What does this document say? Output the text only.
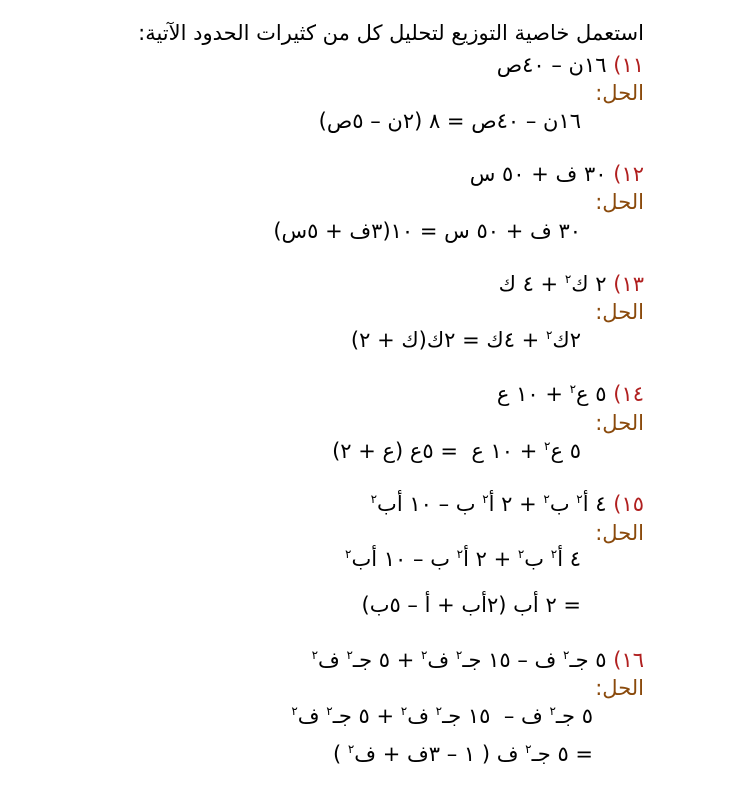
استعمل خاصية التوزيع لتحليل كل من كثيرات الحدود الآتية:
١١) ١٦ن – ٤٠ص
الحل:
١٦ن – ٤٠ص = ٨ (٢ن – ٥ص)
١٢) ٣٠ ف + ٥٠ س
الحل:
٣٠ ف + ٥٠ س = ١٠(٣ف + ٥س)
١٣) ٢ ك$^٢$ + ٤ ك
الحل:
٢ك$^٢$ + ٤ك = ٢ك(ك + ٢)
١٤) ٥ ع$^٢$ + ١٠ ع
الحل:
٥ ع$^٢$ + ١٠ ع  = ٥ع (ع + ٢)
١٥) ٤ أ$^٢$ ب$^٢$ + ٢ أ$^٢$ ب – ١٠ أب$^٢$
الحل:
٤ أ$^٢$ ب$^٢$ + ٢ أ$^٢$ ب – ١٠ أب$^٢$
= ٢ أب (٢أب + أ – ٥ب)
١٦) ٥ جـ$^٢$ ف – ١٥ جـ$^٢$ ف$^٢$ + ٥ جـ$^٢$ ف$^٢$
الحل:
٥ جـ$^٢$ ف –  ١٥ جـ$^٢$ ف$^٢$ + ٥ جـ$^٢$ ف$^٢$
= ٥ جـ$^٢$ ف ( ١ – ٣ف + ف$^٢$ )
